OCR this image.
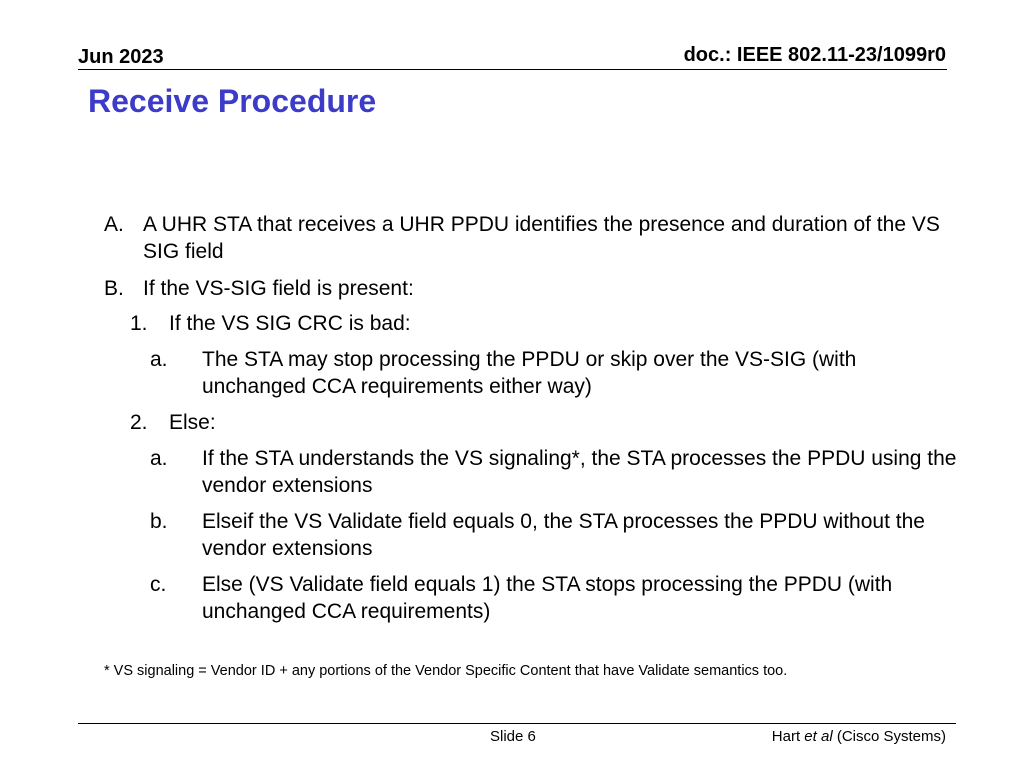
Jun 2023	doc.: IEEE 802.11-23/1099r0
Receive Procedure
A. A UHR STA that receives a UHR PPDU identifies the presence and duration of the VS SIG field
B. If the VS-SIG field is present:
1. If the VS SIG CRC is bad:
a. The STA may stop processing the PPDU or skip over the VS-SIG (with unchanged CCA requirements either way)
2. Else:
a. If the STA understands the VS signaling*, the STA processes the PPDU using the vendor extensions
b. Elseif the VS Validate field equals 0, the STA processes the PPDU without the vendor extensions
c. Else (VS Validate field equals 1) the STA stops processing the PPDU (with unchanged CCA requirements)
* VS signaling = Vendor ID + any portions of the Vendor Specific Content that have Validate semantics too.
Slide 6	Hart et al (Cisco Systems)
